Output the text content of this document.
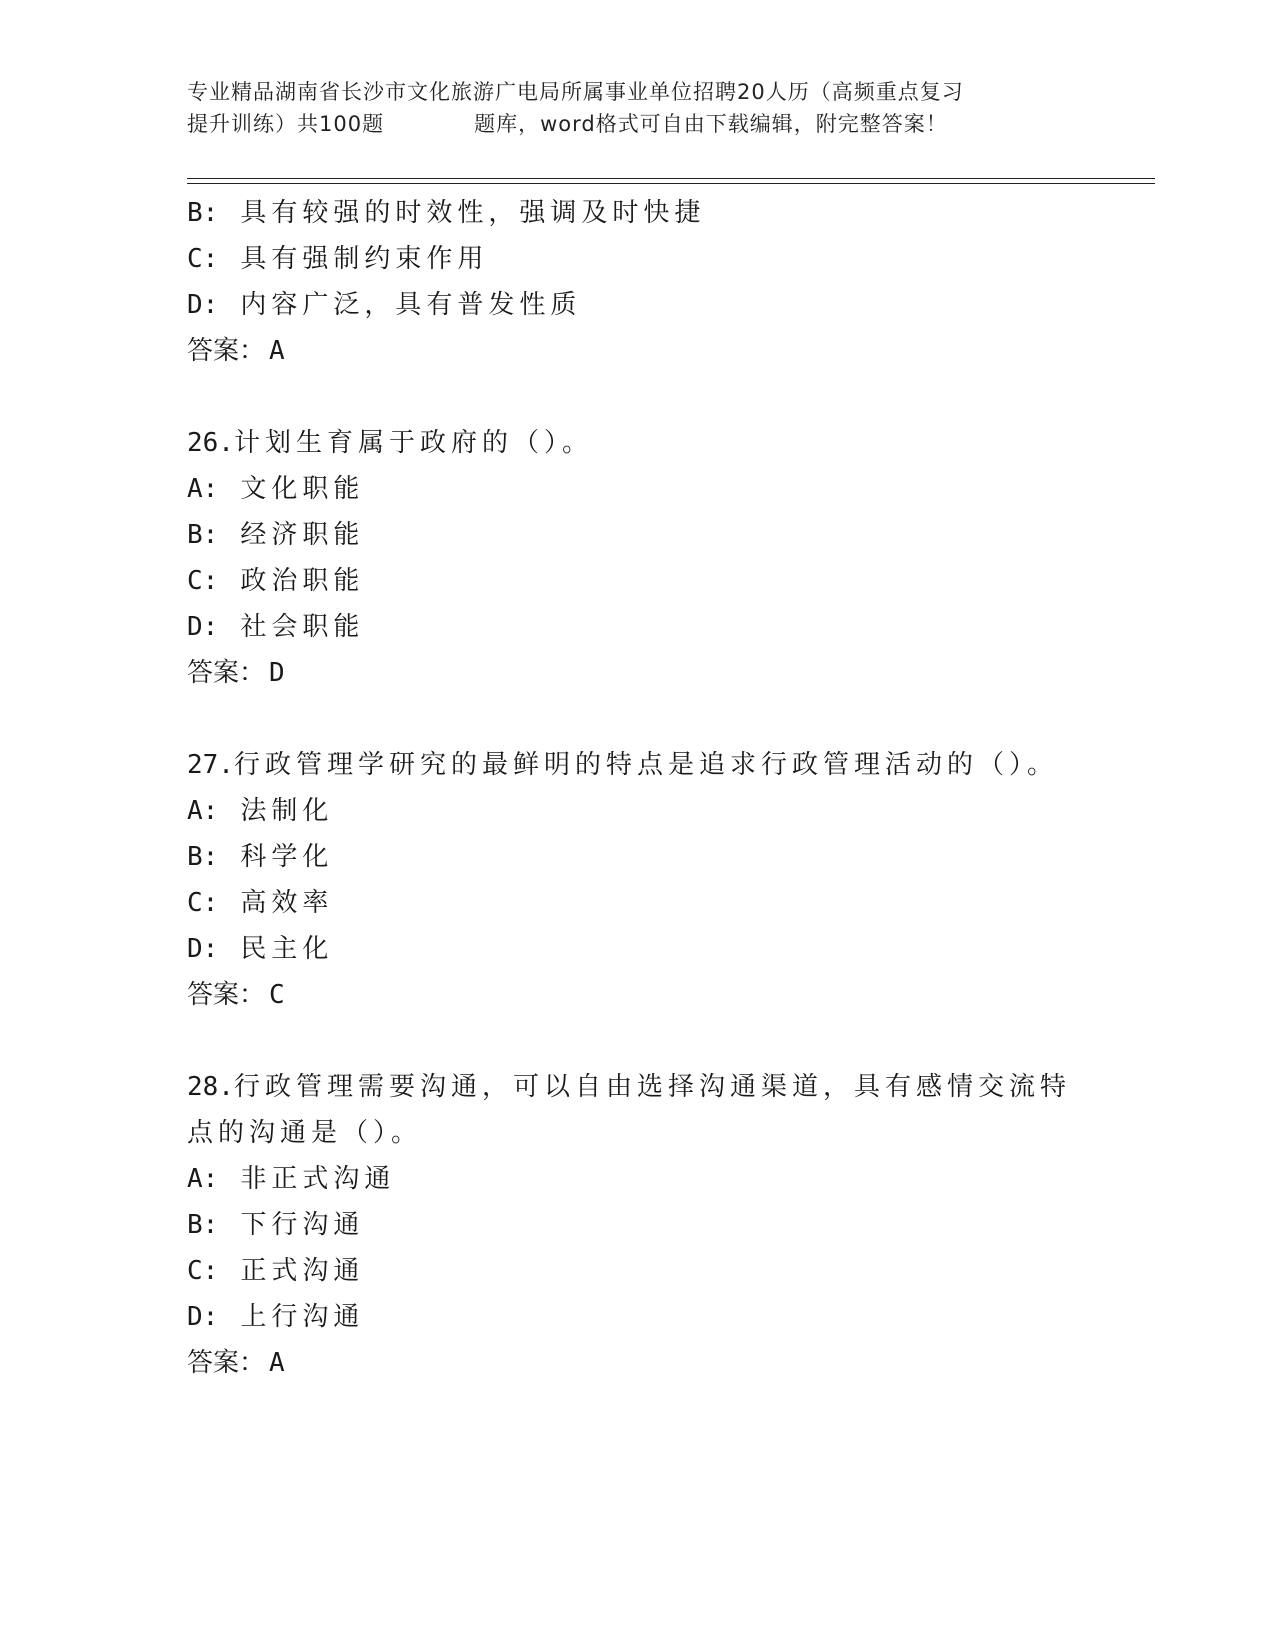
专业精品湖南省长沙市文化旅游广电局所属事业单位招聘20人历（高频重点复习
提升训练）共100题	题库，word格式可自由下载编辑，附完整答案！
B: 具有较强的时效性，强调及时快捷
C: 具有强制约束作用
D: 内容广泛，具有普发性质
答案： A
26.计划生育属于政府的（）。
A: 文化职能
B: 经济职能
C: 政治职能
D: 社会职能
答案： D
27.行政管理学研究的最鲜明的特点是追求行政管理活动的（）。
A: 法制化
B: 科学化
C: 高效率
D: 民主化
答案： C
28.行政管理需要沟通，可以自由选择沟通渠道，具有感情交流特点的沟通是（）。
A: 非正式沟通
B: 下行沟通
C: 正式沟通
D: 上行沟通
答案： A
